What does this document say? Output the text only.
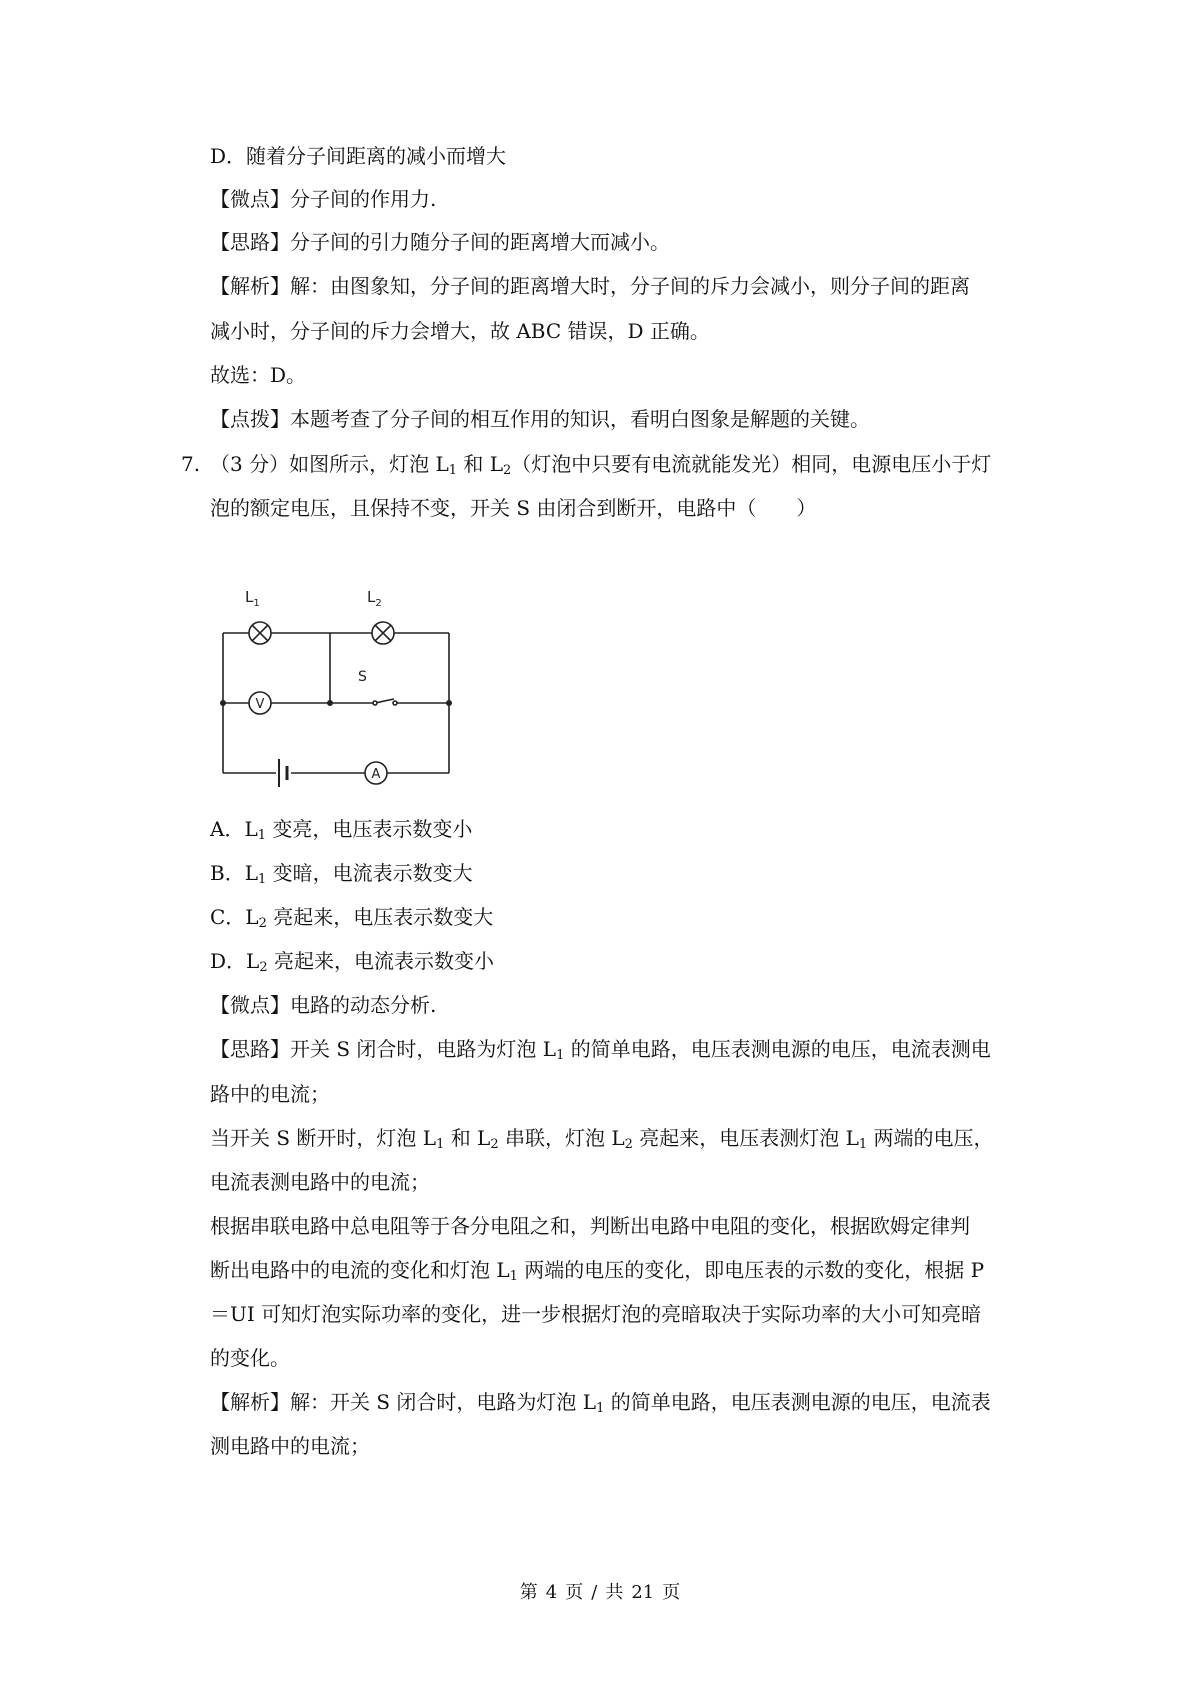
D．随着分子间距离的减小而增大
【微点】分子间的作用力.
【思路】分子间的引力随分子间的距离增大而减小。
【解析】解：由图象知，分子间的距离增大时，分子间的斥力会减小，则分子间的距离
减小时，分子间的斥力会增大，故 ABC 错误，D 正确。
故选：D。
【点拨】本题考查了分子间的相互作用的知识，看明白图象是解题的关键。
7. （3 分）如图所示，灯泡 $L_1$ 和 $L_2$（灯泡中只要有电流就能发光）相同，电源电压小于灯
泡的额定电压，且保持不变，开关 S 由闭合到断开，电路中（　　）
$L_1$	$L_2$
S
V
A
A．$L_1$ 变亮，电压表示数变小
B．$L_1$ 变暗，电流表示数变大
C．$L_2$ 亮起来，电压表示数变大
D．$L_2$ 亮起来，电流表示数变小
【微点】电路的动态分析.
【思路】开关 S 闭合时，电路为灯泡 $L_1$ 的简单电路，电压表测电源的电压，电流表测电
路中的电流；
当开关 S 断开时，灯泡 $L_1$ 和 $L_2$ 串联，灯泡 $L_2$ 亮起来，电压表测灯泡 $L_1$ 两端的电压，
电流表测电路中的电流；
根据串联电路中总电阻等于各分电阻之和，判断出电路中电阻的变化，根据欧姆定律判
断出电路中的电流的变化和灯泡 $L_1$ 两端的电压的变化，即电压表的示数的变化，根据 P
＝UI 可知灯泡实际功率的变化，进一步根据灯泡的亮暗取决于实际功率的大小可知亮暗
的变化。
【解析】解：开关 S 闭合时，电路为灯泡 $L_1$ 的简单电路，电压表测电源的电压，电流表
测电路中的电流；
第 4 页 / 共 21 页
